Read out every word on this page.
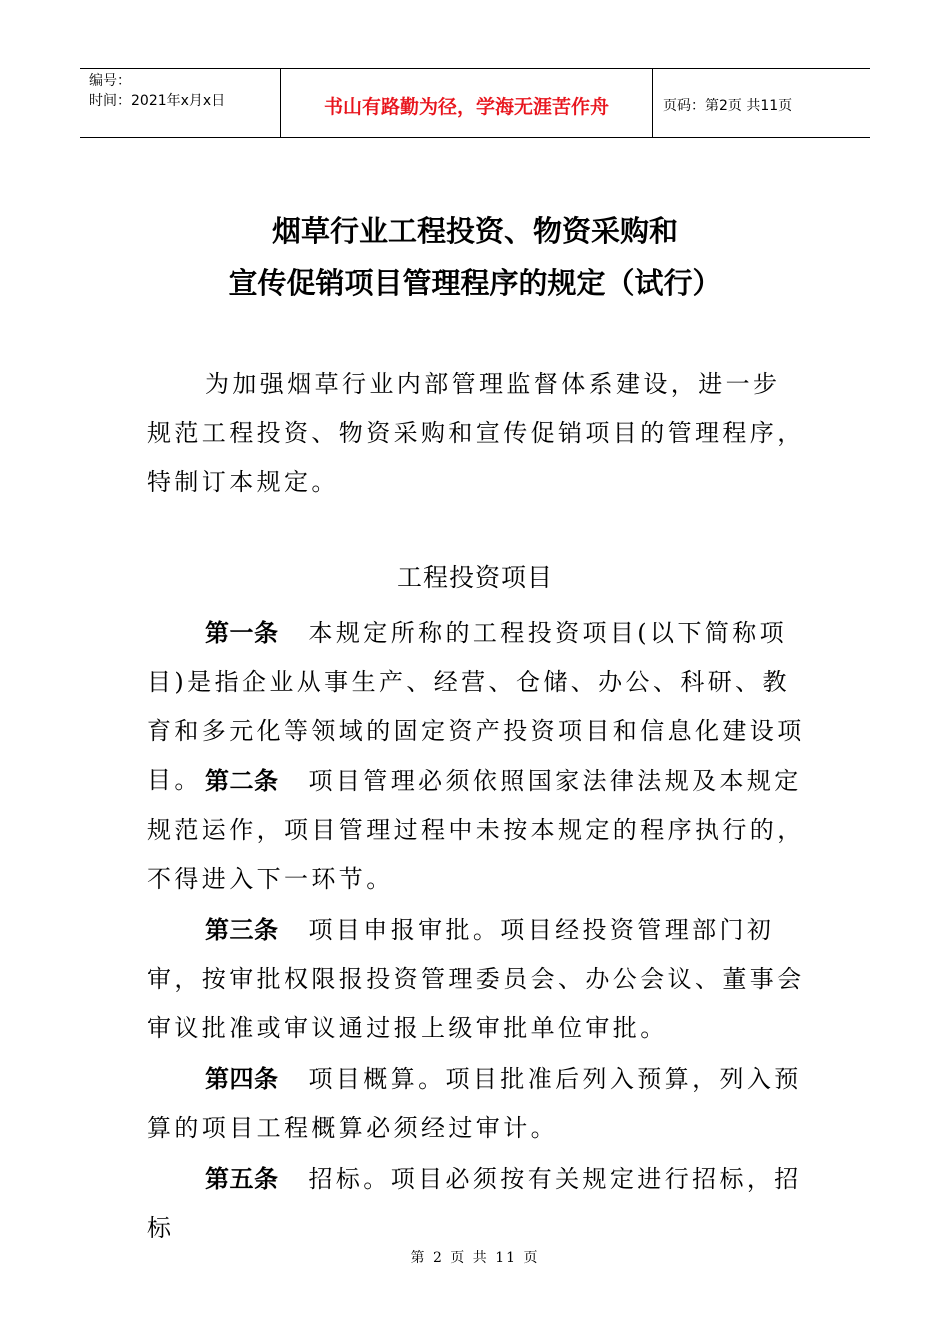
编号：
时间：2021年x月x日	书山有路勤为径，学海无涯苦作舟	页码：第2页 共11页
烟草行业工程投资、物资采购和
宣传促销项目管理程序的规定（试行）

为加强烟草行业内部管理监督体系建设，进一步规范工程投资、物资采购和宣传促销项目的管理程序，特制订本规定。

工程投资项目

第一条 本规定所称的工程投资项目(以下简称项目)是指企业从事生产、经营、仓储、办公、科研、教育和多元化等领域的固定资产投资项目和信息化建设项目。 第二条 项目管理必须依照国家法律法规及本规定规范运作，项目管理过程中未按本规定的程序执行的，不得进入下一环节。

第三条 项目申报审批。项目经投资管理部门初审，按审批权限报投资管理委员会、办公会议、董事会审议批准或审议通过报上级审批单位审批。

第四条 项目概算。项目批准后列入预算，列入预算的项目工程概算必须经过审计。

第五条 招标。项目必须按有关规定进行招标，招标

第 2 页 共 11 页
